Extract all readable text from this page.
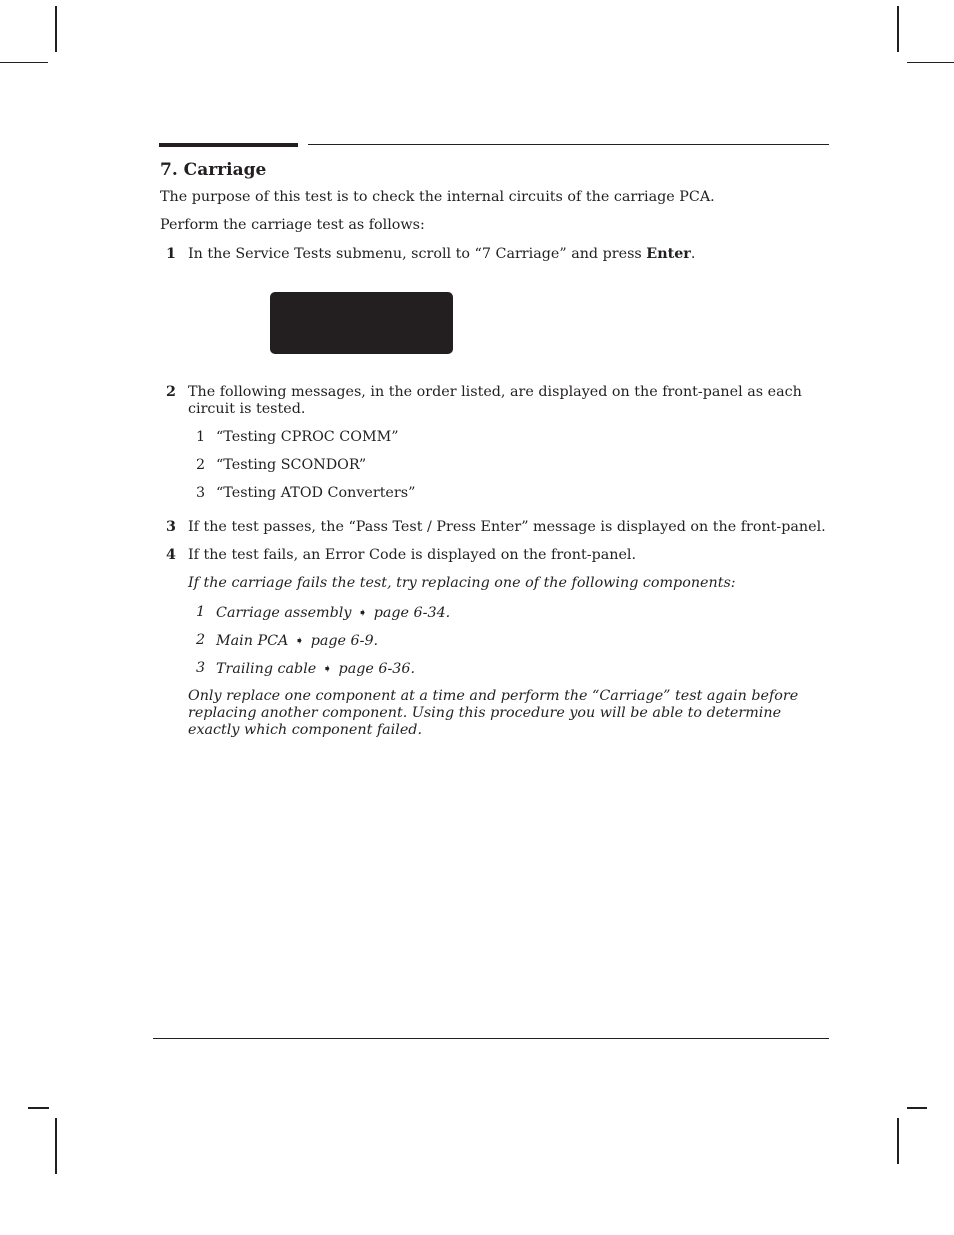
7. Carriage
The purpose of this test is to check the internal circuits of the carriage PCA.
Perform the carriage test as follows:
1 In the Service Tests submenu, scroll to “7 Carriage” and press Enter.
2 The following messages, in the order listed, are displayed on the front-panel as each
circuit is tested.
1 “Testing CPROC COMM”
2 “Testing SCONDOR”
3 “Testing ATOD Converters”
3 If the test passes, the “Pass Test / Press Enter” message is displayed on the front-panel.
4 If the test fails, an Error Code is displayed on the front-panel.
If the carriage fails the test, try replacing one of the following components:
1 Carriage assembly ➧ page 6-34.
2 Main PCA ➧ page 6-9.
3 Trailing cable ➧ page 6-36.
Only replace one component at a time and perform the “Carriage” test again before
replacing another component. Using this procedure you will be able to determine
exactly which component failed.
